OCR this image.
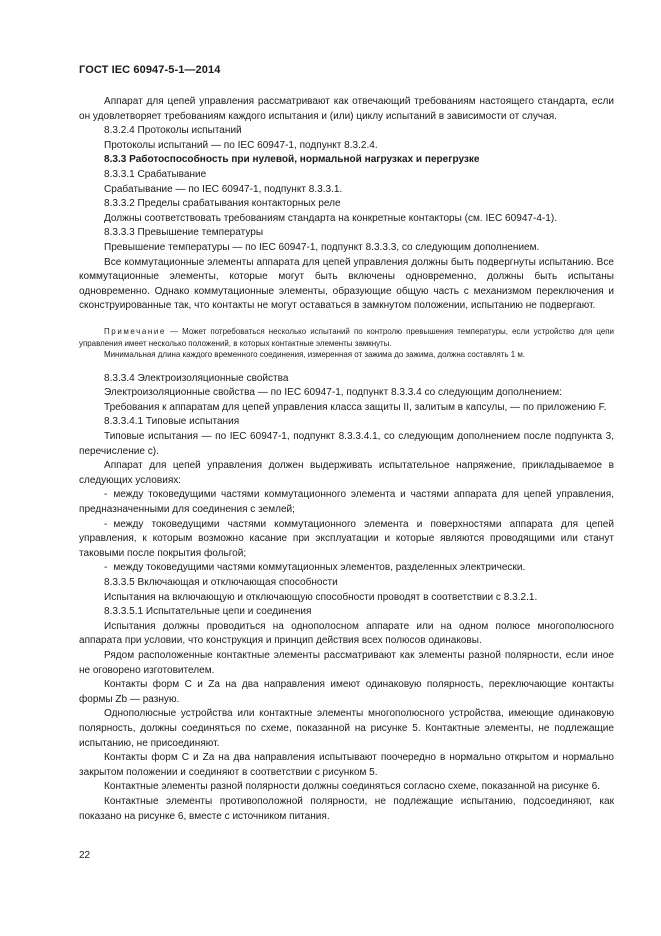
ГОСТ IEC 60947-5-1—2014

Аппарат для цепей управления рассматривают как отвечающий требованиям настоящего стандарта, если он удовлетворяет требованиям каждого испытания и (или) циклу испытаний в зависимости от случая.

8.3.2.4 Протоколы испытаний

Протоколы испытаний — по IEC 60947-1, подпункт 8.3.2.4.

8.3.3 Работоспособность при нулевой, нормальной нагрузках и перегрузке

8.3.3.1 Срабатывание

Срабатывание — по IEC 60947-1, подпункт 8.3.3.1.

8.3.3.2 Пределы срабатывания контакторных реле

Должны соответствовать требованиям стандарта на конкретные контакторы (см. IEC 60947-4-1).

8.3.3.3 Превышение температуры

Превышение температуры — по IEC 60947-1, подпункт 8.3.3.3, со следующим дополнением.

Все коммутационные элементы аппарата для цепей управления должны быть подвергнуты испытанию. Все коммутационные элементы, которые могут быть включены одновременно, должны быть испытаны одновременно. Однако коммутационные элементы, образующие общую часть с механизмом переключения и сконструированные так, что контакты не могут оставаться в замкнутом положении, испытанию не подвергают.

Примечание — Может потребоваться несколько испытаний по контролю превышения температуры, если устройство для цепи управления имеет несколько положений, в которых контактные элементы замкнуты.

Минимальная длина каждого временного соединения, измеренная от зажима до зажима, должна составлять 1 м.

8.3.3.4 Электроизоляционные свойства

Электроизоляционные свойства — по IEC 60947-1, подпункт 8.3.3.4 со следующим дополнением:

Требования к аппаратам для цепей управления класса защиты II, залитым в капсулы, — по приложению F.

8.3.3.4.1 Типовые испытания

Типовые испытания — по IEC 60947-1, подпункт 8.3.3.4.1, со следующим дополнением после подпункта 3, перечисление с).

Аппарат для цепей управления должен выдерживать испытательное напряжение, прикладываемое в следующих условиях:

- между токоведущими частями коммутационного элемента и частями аппарата для цепей управления, предназначенными для соединения с землей;

- между токоведущими частями коммутационного элемента и поверхностями аппарата для цепей управления, к которым возможно касание при эксплуатации и которые являются проводящими или станут таковыми после покрытия фольгой;

- между токоведущими частями коммутационных элементов, разделенных электрически.

8.3.3.5 Включающая и отключающая способности

Испытания на включающую и отключающую способности проводят в соответствии с 8.3.2.1.

8.3.3.5.1 Испытательные цепи и соединения

Испытания должны проводиться на однополосном аппарате или на одном полюсе многополюсного аппарата при условии, что конструкция и принцип действия всех полюсов одинаковы.

Рядом расположенные контактные элементы рассматривают как элементы разной полярности, если иное не оговорено изготовителем.

Контакты форм С и Za на два направления имеют одинаковую полярность, переключающие контакты формы Zb — разную.

Однополюсные устройства или контактные элементы многополюсного устройства, имеющие одинаковую полярность, должны соединяться по схеме, показанной на рисунке 5. Контактные элементы, не подлежащие испытанию, не присоединяют.

Контакты форм С и Za на два направления испытывают поочередно в нормально открытом и нормально закрытом положении и соединяют в соответствии с рисунком 5.

Контактные элементы разной полярности должны соединяться согласно схеме, показанной на рисунке 6.

Контактные элементы противоположной полярности, не подлежащие испытанию, подсоединяют, как показано на рисунке 6, вместе с источником питания.

22
